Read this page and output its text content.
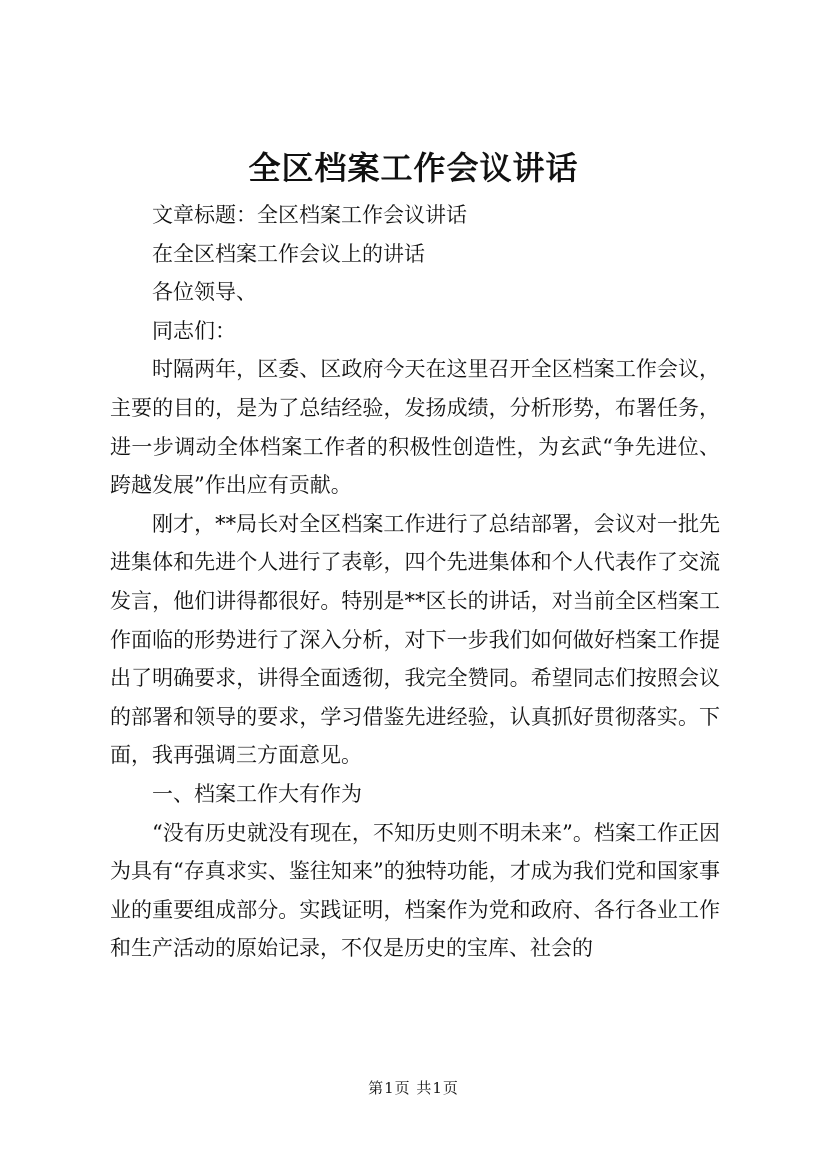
全区档案工作会议讲话

文章标题：全区档案工作会议讲话

在全区档案工作会议上的讲话

各位领导、

同志们：

时隔两年，区委、区政府今天在这里召开全区档案工作会议，主要的目的，是为了总结经验，发扬成绩，分析形势，布署任务，进一步调动全体档案工作者的积极性创造性，为玄武“争先进位、跨越发展”作出应有贡献。

刚才，**局长对全区档案工作进行了总结部署，会议对一批先进集体和先进个人进行了表彰，四个先进集体和个人代表作了交流发言，他们讲得都很好。特别是**区长的讲话，对当前全区档案工作面临的形势进行了深入分析，对下一步我们如何做好档案工作提出了明确要求，讲得全面透彻，我完全赞同。希望同志们按照会议的部署和领导的要求，学习借鉴先进经验，认真抓好贯彻落实。下面，我再强调三方面意见。

一、档案工作大有作为

“没有历史就没有现在，不知历史则不明未来”。档案工作正因为具有“存真求实、鉴往知来”的独特功能，才成为我们党和国家事业的重要组成部分。实践证明，档案作为党和政府、各行各业工作和生产活动的原始记录，不仅是历史的宝库、社会的

第1页 共1页
